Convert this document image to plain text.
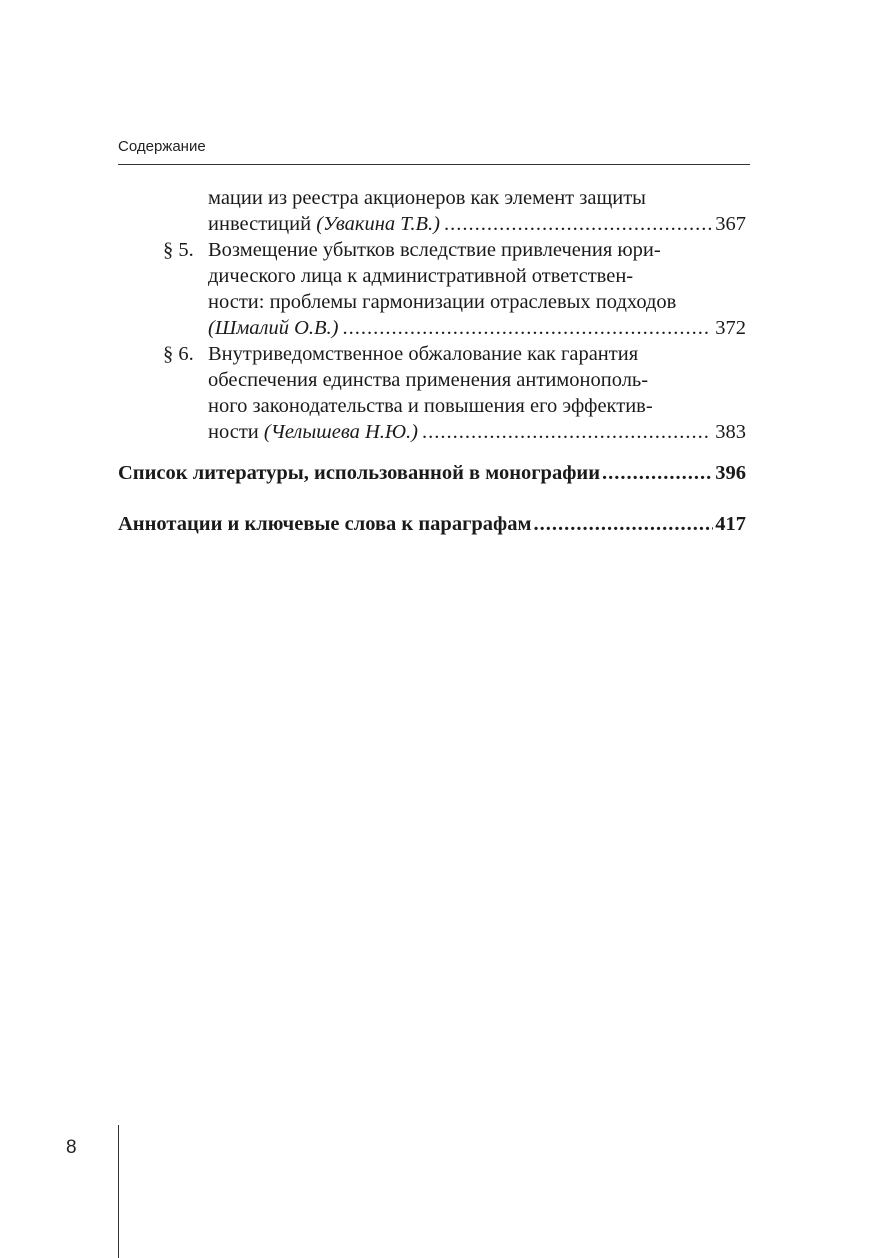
Содержание
мации из реестра акционеров как элемент защиты
инвестиций (Увакина Т.В.) .....	367
§ 5. Возмещение убытков вследствие привлечения юри-
дического лица к административной ответствен-
ности: проблемы гармонизации отраслевых подходов
(Шмалий О.В.) .....	372
§ 6. Внутриведомственное обжалование как гарантия
обеспечения единства применения антимонополь-
ного законодательства и повышения его эффектив-
ности (Челышева Н.Ю.) .....	383
Список литературы, использованной в монографии .....	396
Аннотации и ключевые слова к параграфам .....	417
8
